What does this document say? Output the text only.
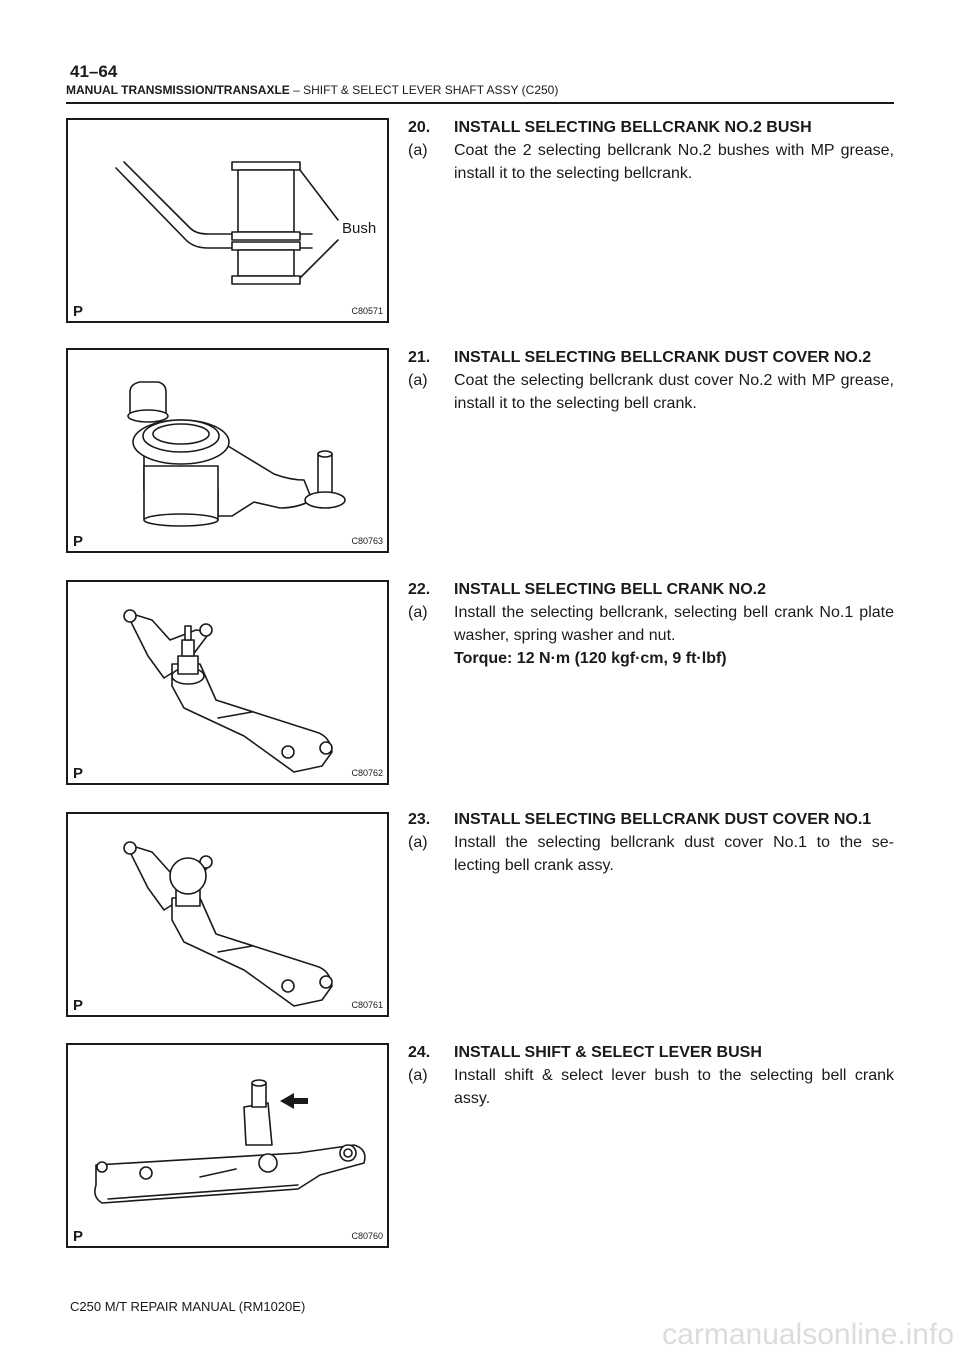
41–64
MANUAL TRANSMISSION/TRANSAXLE – SHIFT & SELECT LEVER SHAFT ASSY (C250)
Bush
P	C80571
P	C80763
P	C80762
P	C80761
P	C80760
20.	INSTALL SELECTING BELLCRANK NO.2 BUSH
(a)	Coat the 2 selecting bellcrank No.2 bushes with MP grease, install it to the selecting bellcrank.
21.	INSTALL SELECTING BELLCRANK DUST COVER NO.2
(a)	Coat the selecting bellcrank dust cover No.2 with MP grease, install it to the selecting bell crank.
22.	INSTALL SELECTING BELL CRANK NO.2
(a)	Install the selecting bellcrank, selecting bell crank No.1 plate washer, spring washer and nut.
Torque: 12 N·m (120 kgf·cm, 9 ft·lbf)
23.	INSTALL SELECTING BELLCRANK DUST COVER NO.1
(a)	Install the selecting bellcrank dust cover No.1 to the se- lecting bell crank assy.
24.	INSTALL SHIFT & SELECT LEVER BUSH
(a)	Install shift & select lever bush to the selecting bell crank assy.
C250 M/T REPAIR MANUAL (RM1020E)
carmanualsonline.info
